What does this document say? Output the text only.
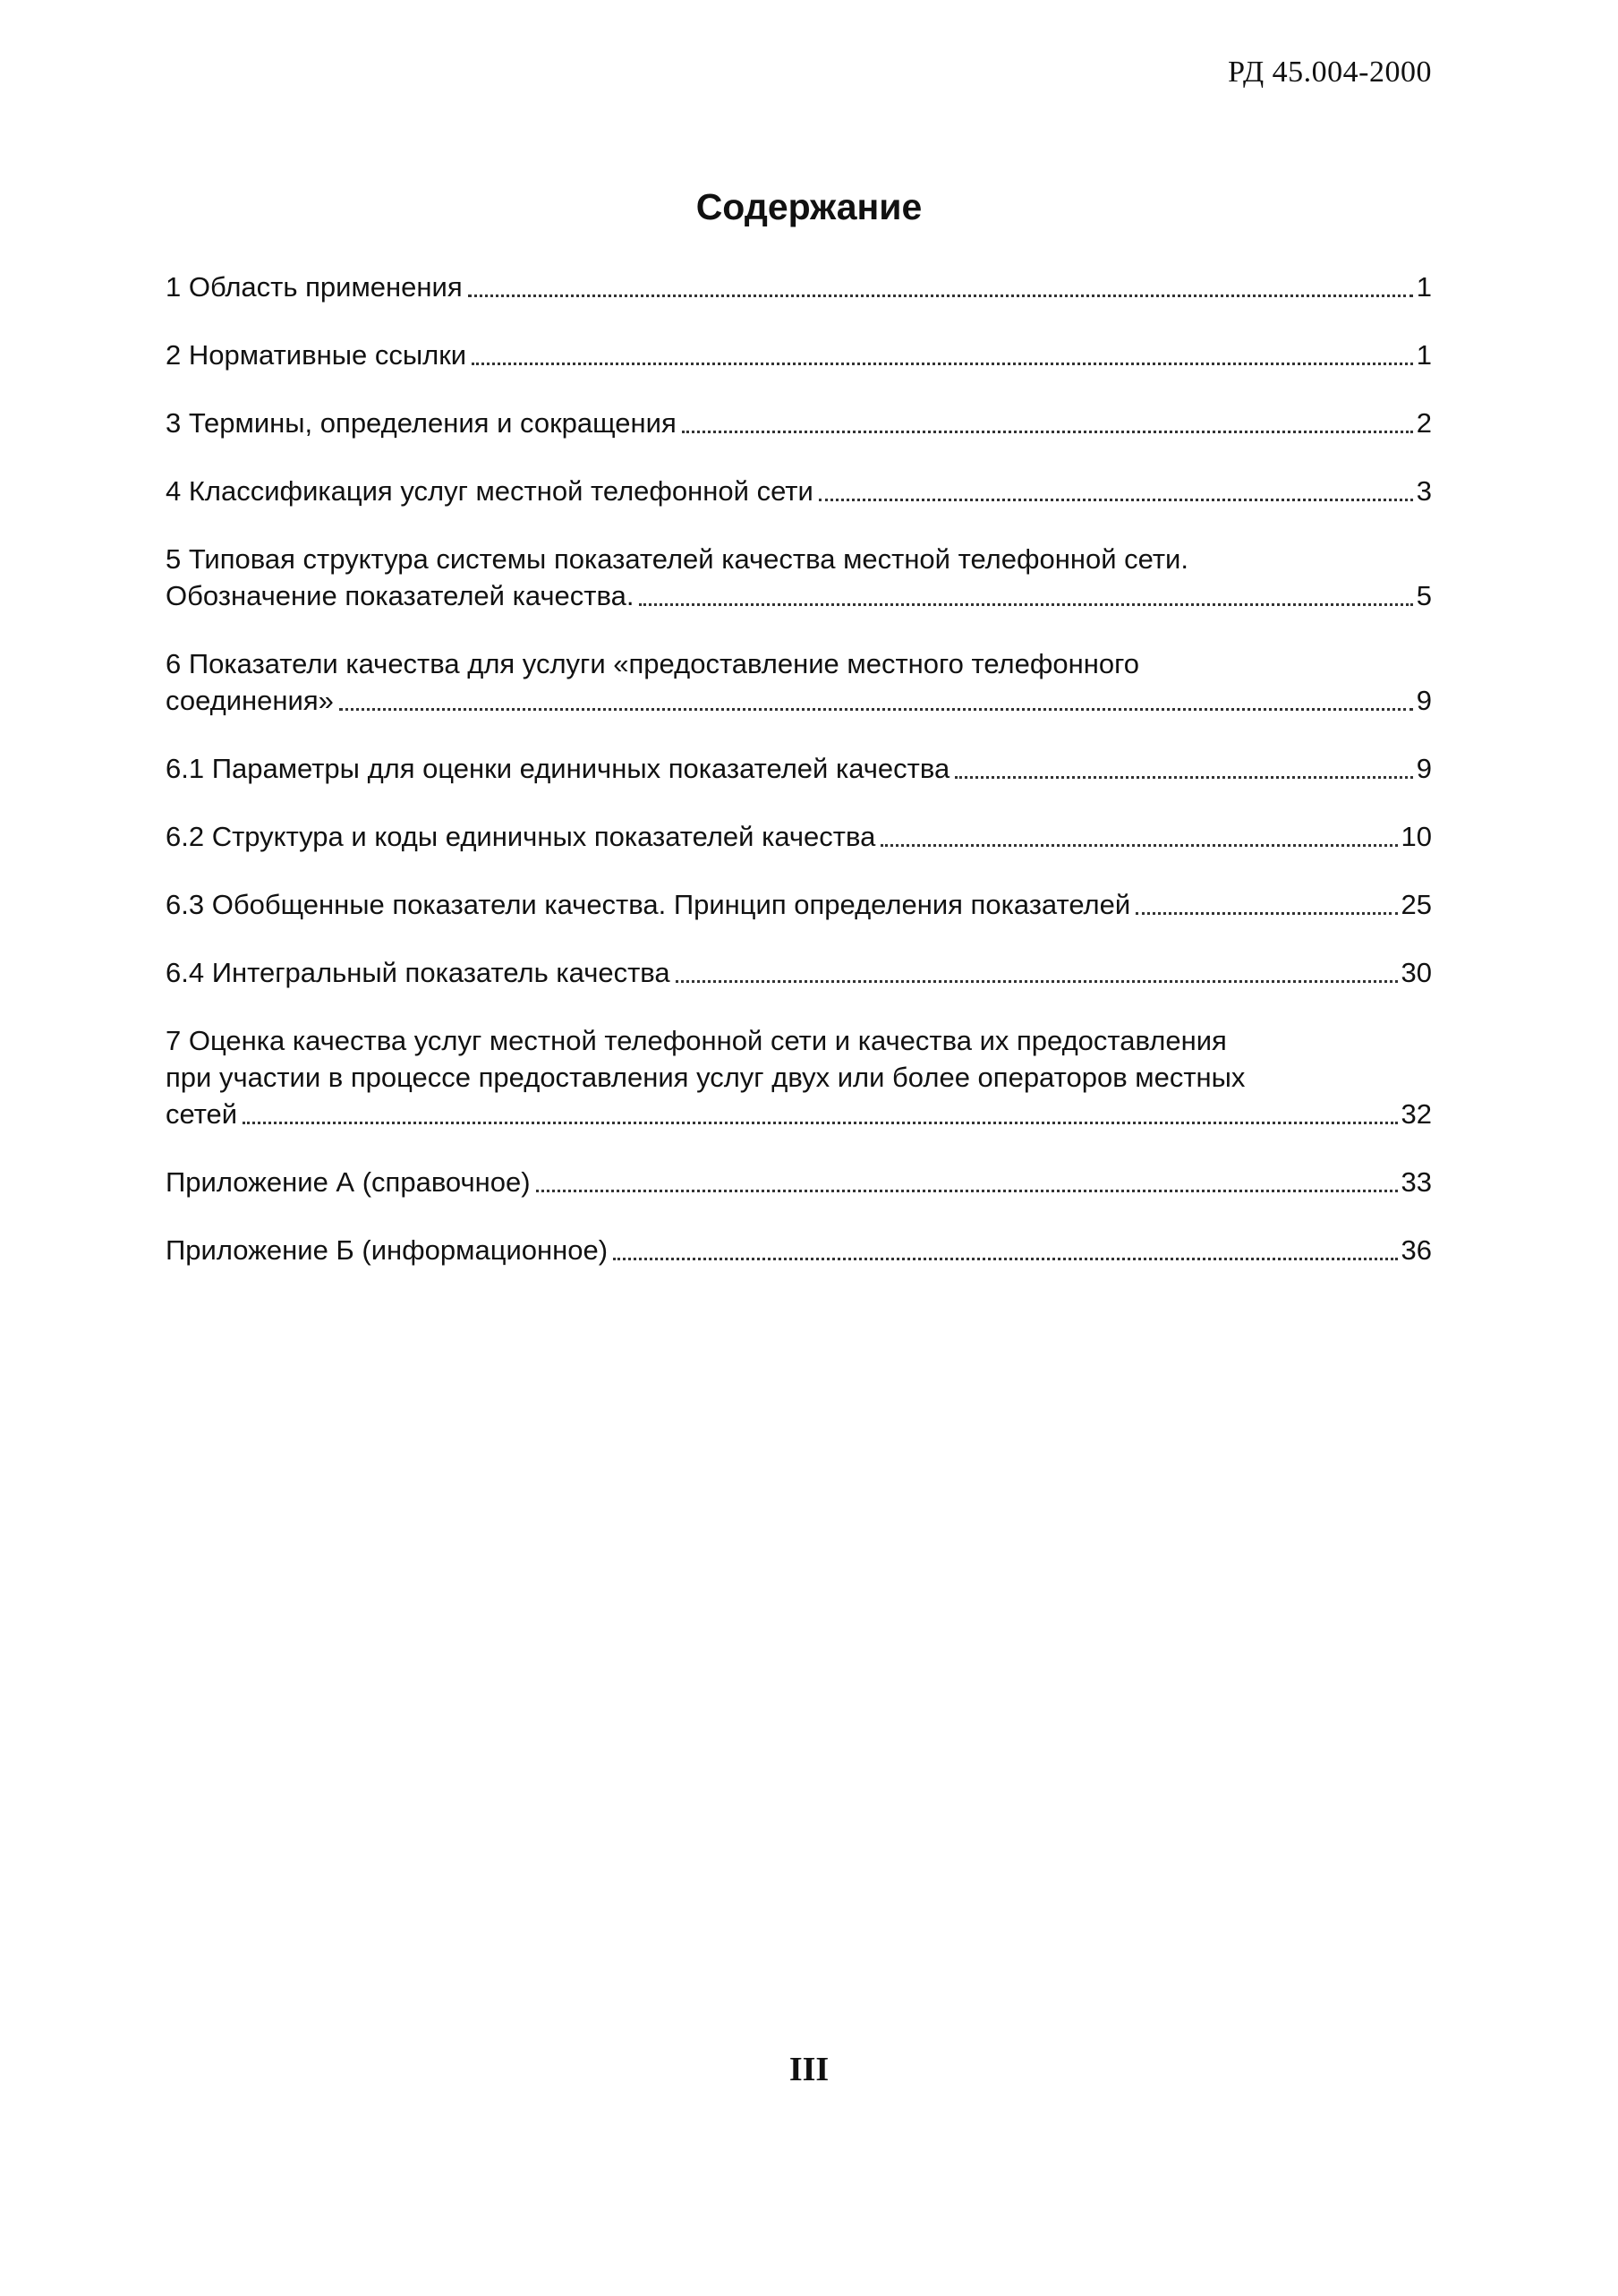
РД 45.004-2000
Содержание
1 Область применения	1
2 Нормативные ссылки	1
3 Термины, определения и сокращения	2
4 Классификация услуг местной телефонной сети	3
5 Типовая структура системы показателей качества местной телефонной сети.
Обозначение показателей качества.	5
6 Показатели качества для услуги «предоставление местного телефонного
соединения»	9
6.1 Параметры для оценки единичных показателей качества	9
6.2 Структура и коды единичных показателей качества	10
6.3 Обобщенные показатели качества. Принцип определения показателей	25
6.4 Интегральный показатель качества	30
7 Оценка качества услуг местной телефонной сети и качества их предоставления
при участии в процессе предоставления услуг двух или более операторов местных
сетей	32
Приложение А (справочное)	33
Приложение Б (информационное)	36
III
